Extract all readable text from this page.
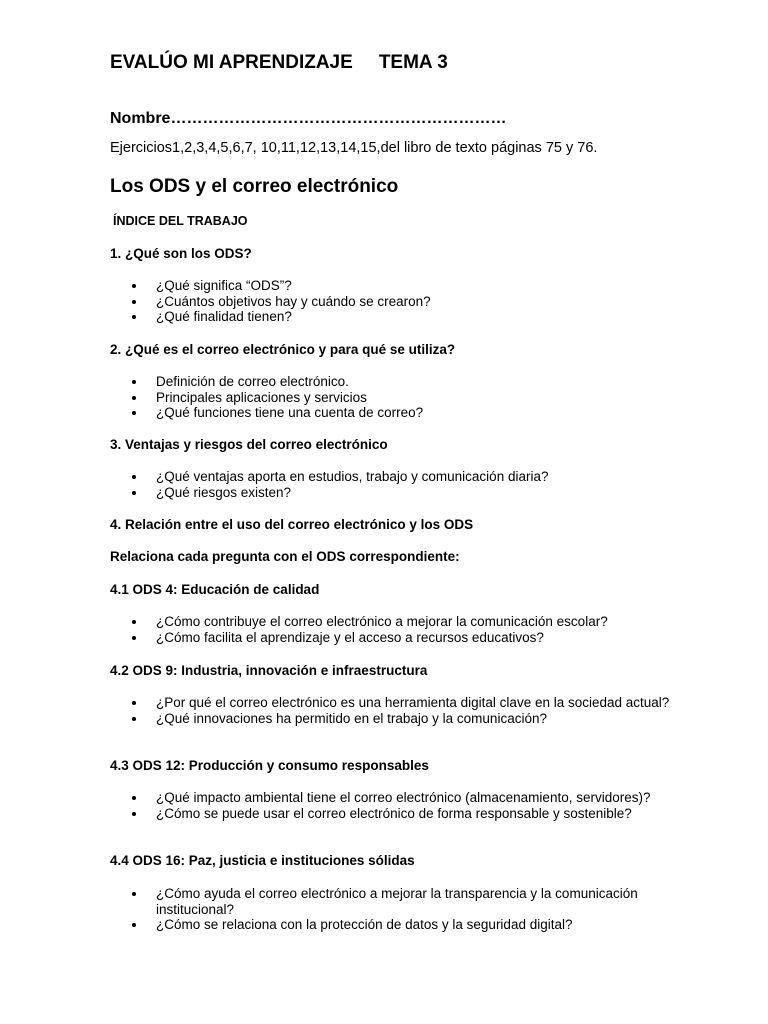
EVALÚO MI APRENDIZAJE TEMA 3
Nombre………………………………………………………
Ejercicios1,2,3,4,5,6,7, 10,11,12,13,14,15,del libro de texto páginas 75 y 76.
Los ODS y el correo electrónico
ÍNDICE DEL TRABAJO
1. ¿Qué son los ODS?
¿Qué significa “ODS”?
¿Cuántos objetivos hay y cuándo se crearon?
¿Qué finalidad tienen?
2. ¿Qué es el correo electrónico y para qué se utiliza?
Definición de correo electrónico.
Principales aplicaciones y servicios
¿Qué funciones tiene una cuenta de correo?
3. Ventajas y riesgos del correo electrónico
¿Qué ventajas aporta en estudios, trabajo y comunicación diaria?
¿Qué riesgos existen?
4. Relación entre el uso del correo electrónico y los ODS
Relaciona cada pregunta con el ODS correspondiente:
4.1 ODS 4: Educación de calidad
¿Cómo contribuye el correo electrónico a mejorar la comunicación escolar?
¿Cómo facilita el aprendizaje y el acceso a recursos educativos?
4.2 ODS 9: Industria, innovación e infraestructura
¿Por qué el correo electrónico es una herramienta digital clave en la sociedad actual?
¿Qué innovaciones ha permitido en el trabajo y la comunicación?
4.3 ODS 12: Producción y consumo responsables
¿Qué impacto ambiental tiene el correo electrónico (almacenamiento, servidores)?
¿Cómo se puede usar el correo electrónico de forma responsable y sostenible?
4.4 ODS 16: Paz, justicia e instituciones sólidas
¿Cómo ayuda el correo electrónico a mejorar la transparencia y la comunicación institucional?
¿Cómo se relaciona con la protección de datos y la seguridad digital?
